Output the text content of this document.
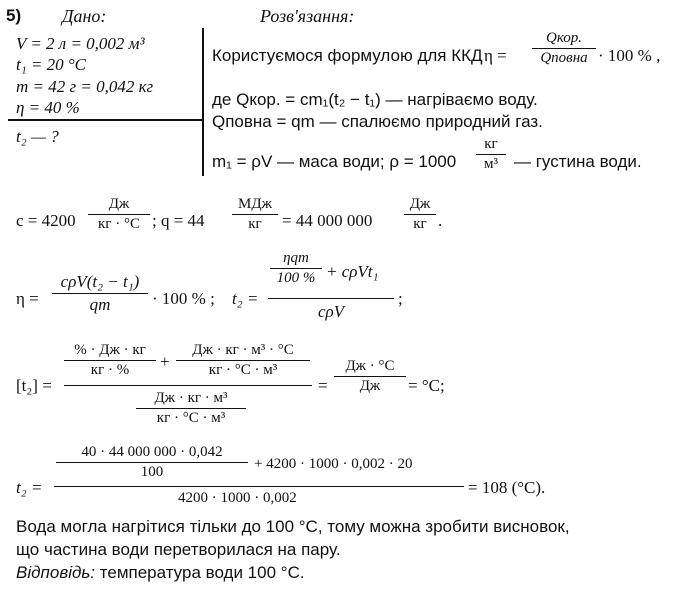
5) Дано:	Розв'язання:
V = 2 л = 0,002 м³
t₁ = 20 °C
m = 42 г = 0,042 кг
η = 40 %
t₂ — ?
Користуємося формулою для ККД η =
Qкор.
Qповна · 100 % ,
де Qкор. = cm₁(t₂ − t₁) — нагріваємо воду.
Qповна = qm — спалюємо природний газ.
m₁ = ρV — маса води; ρ = 1000
кг
м³ — густина води.
c = 4200
Дж
кг · °C ; q = 44
МДж
кг	= 44 000 000
Дж
кг .
η =
cρV(t₂ − t₁)
qm	· 100 % ; t₂ =
ηqm
100 % + cρVt₁
cρV
;
[t₂] =
% · Дж · кг
кг · %	+
Дж · кг · м³ · °C
кг · °C · м³
Дж · кг · м³
кг · °C · м³
=
Дж · °C
Дж	= °C;
t₂ =
40 · 44 000 000 · 0,042
100
+ 4200 · 1000 · 0,002 · 20
4200 · 1000 · 0,002
= 108 (°C).
Вода могла нагрітися тільки до 100 °C, тому можна зробити висновок,
що частина води перетворилася на пару.
Відповідь: температура води 100 °C.
